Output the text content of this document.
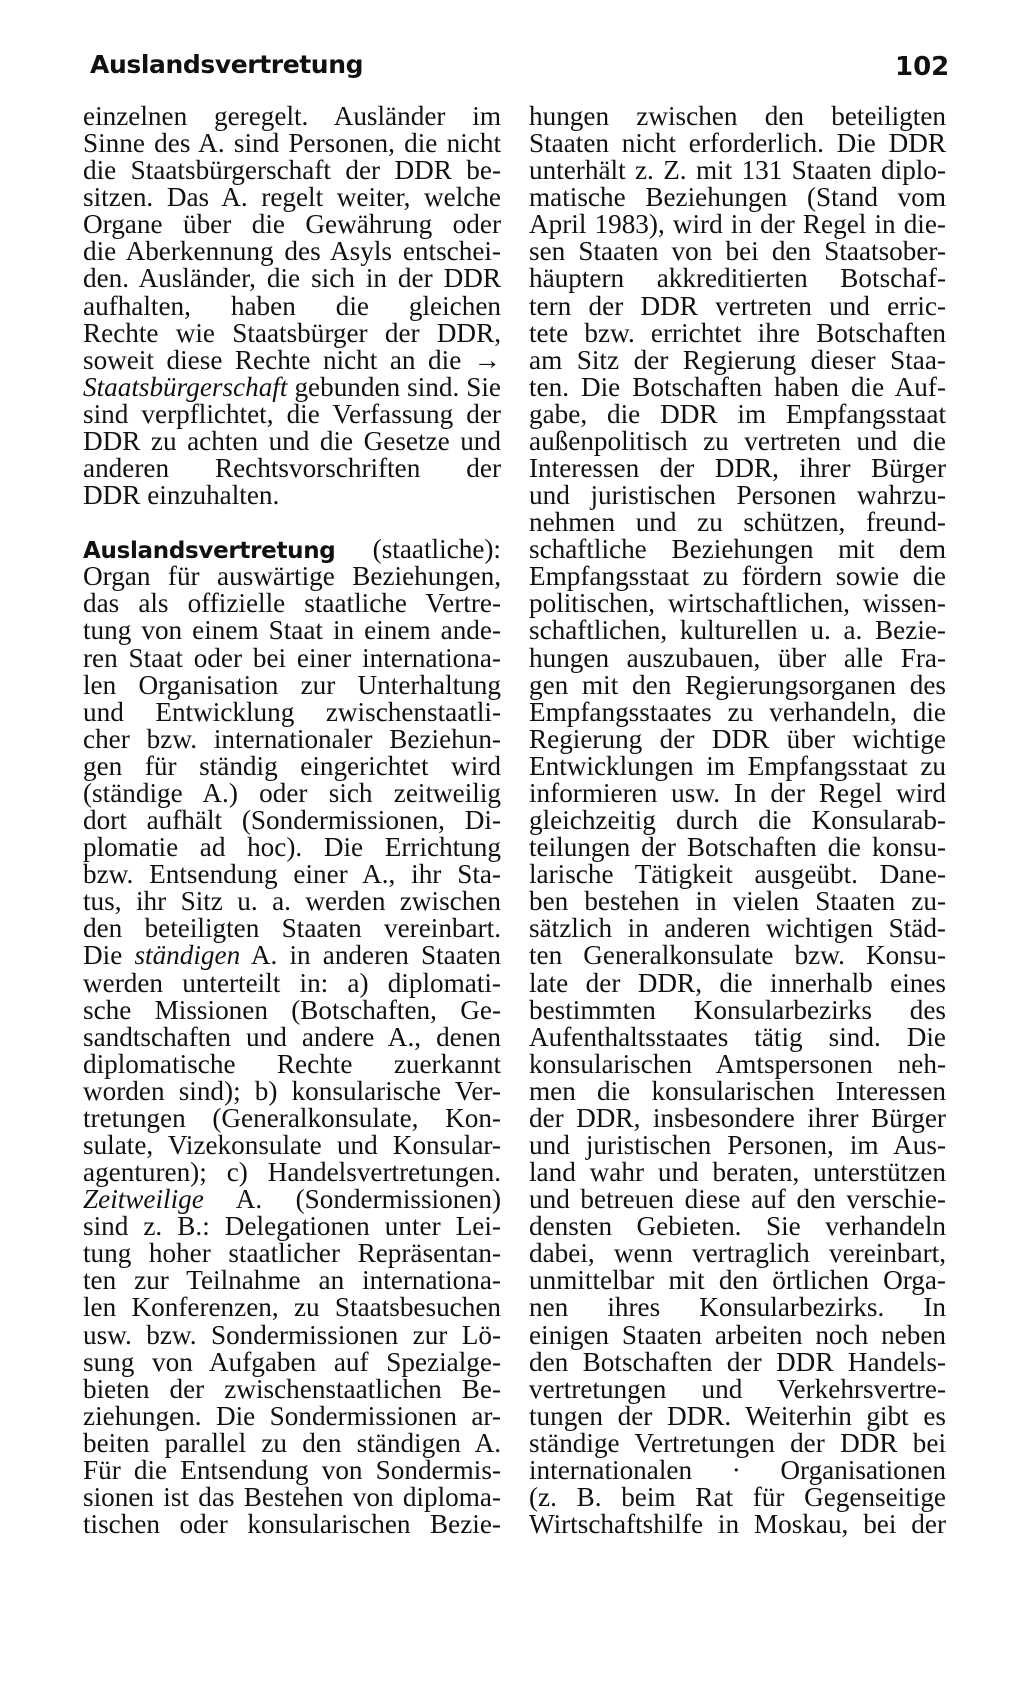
Auslandsvertretung	102
einzelnen geregelt. Ausländer im
Sinne des A. sind Personen, die nicht
die Staatsbürgerschaft der DDR be-
sitzen. Das A. regelt weiter, welche
Organe über die Gewährung oder
die Aberkennung des Asyls entschei-
den. Ausländer, die sich in der DDR
aufhalten, haben die gleichen
Rechte wie Staatsbürger der DDR,
soweit diese Rechte nicht an die →
Staatsbürgerschaft gebunden sind. Sie
sind verpflichtet, die Verfassung der
DDR zu achten und die Gesetze und
anderen Rechtsvorschriften der
DDR einzuhalten.
Auslandsvertretung (staatliche):
Organ für auswärtige Beziehungen,
das als offizielle staatliche Vertre-
tung von einem Staat in einem ande-
ren Staat oder bei einer internationa-
len Organisation zur Unterhaltung
und Entwicklung zwischenstaatli-
cher bzw. internationaler Beziehun-
gen für ständig eingerichtet wird
(ständige A.) oder sich zeitweilig
dort aufhält (Sondermissionen, Di-
plomatie ad hoc). Die Errichtung
bzw. Entsendung einer A., ihr Sta-
tus, ihr Sitz u. a. werden zwischen
den beteiligten Staaten vereinbart.
Die ständigen A. in anderen Staaten
werden unterteilt in: a) diplomati-
sche Missionen (Botschaften, Ge-
sandtschaften und andere A., denen
diplomatische Rechte zuerkannt
worden sind); b) konsularische Ver-
tretungen (Generalkonsulate, Kon-
sulate, Vizekonsulate und Konsular-
agenturen); c) Handelsvertretungen.
Zeitweilige A. (Sondermissionen)
sind z. B.: Delegationen unter Lei-
tung hoher staatlicher Repräsentan-
ten zur Teilnahme an internationa-
len Konferenzen, zu Staatsbesuchen
usw. bzw. Sondermissionen zur Lö-
sung von Aufgaben auf Spezialge-
bieten der zwischenstaatlichen Be-
ziehungen. Die Sondermissionen ar-
beiten parallel zu den ständigen A.
Für die Entsendung von Sondermis-
sionen ist das Bestehen von diploma-
tischen oder konsularischen Bezie-
hungen zwischen den beteiligten
Staaten nicht erforderlich. Die DDR
unterhält z. Z. mit 131 Staaten diplo-
matische Beziehungen (Stand vom
April 1983), wird in der Regel in die-
sen Staaten von bei den Staatsober-
häuptern akkreditierten Botschaf-
tern der DDR vertreten und erric-
tete bzw. errichtet ihre Botschaften
am Sitz der Regierung dieser Staa-
ten. Die Botschaften haben die Auf-
gabe, die DDR im Empfangsstaat
außenpolitisch zu vertreten und die
Interessen der DDR, ihrer Bürger
und juristischen Personen wahrzu-
nehmen und zu schützen, freund-
schaftliche Beziehungen mit dem
Empfangsstaat zu fördern sowie die
politischen, wirtschaftlichen, wissen-
schaftlichen, kulturellen u. a. Bezie-
hungen auszubauen, über alle Fra-
gen mit den Regierungsorganen des
Empfangsstaates zu verhandeln, die
Regierung der DDR über wichtige
Entwicklungen im Empfangsstaat zu
informieren usw. In der Regel wird
gleichzeitig durch die Konsularab-
teilungen der Botschaften die konsu-
larische Tätigkeit ausgeübt. Dane-
ben bestehen in vielen Staaten zu-
sätzlich in anderen wichtigen Städ-
ten Generalkonsulate bzw. Konsu-
late der DDR, die innerhalb eines
bestimmten Konsularbezirks des
Aufenthaltsstaates tätig sind. Die
konsularischen Amtspersonen neh-
men die konsularischen Interessen
der DDR, insbesondere ihrer Bürger
und juristischen Personen, im Aus-
land wahr und beraten, unterstützen
und betreuen diese auf den verschie-
densten Gebieten. Sie verhandeln
dabei, wenn vertraglich vereinbart,
unmittelbar mit den örtlichen Orga-
nen ihres Konsularbezirks. In
einigen Staaten arbeiten noch neben
den Botschaften der DDR Handels-
vertretungen und Verkehrsvertre-
tungen der DDR. Weiterhin gibt es
ständige Vertretungen der DDR bei
internationalen · Organisationen
(z. B. beim Rat für Gegenseitige
Wirtschaftshilfe in Moskau, bei der
